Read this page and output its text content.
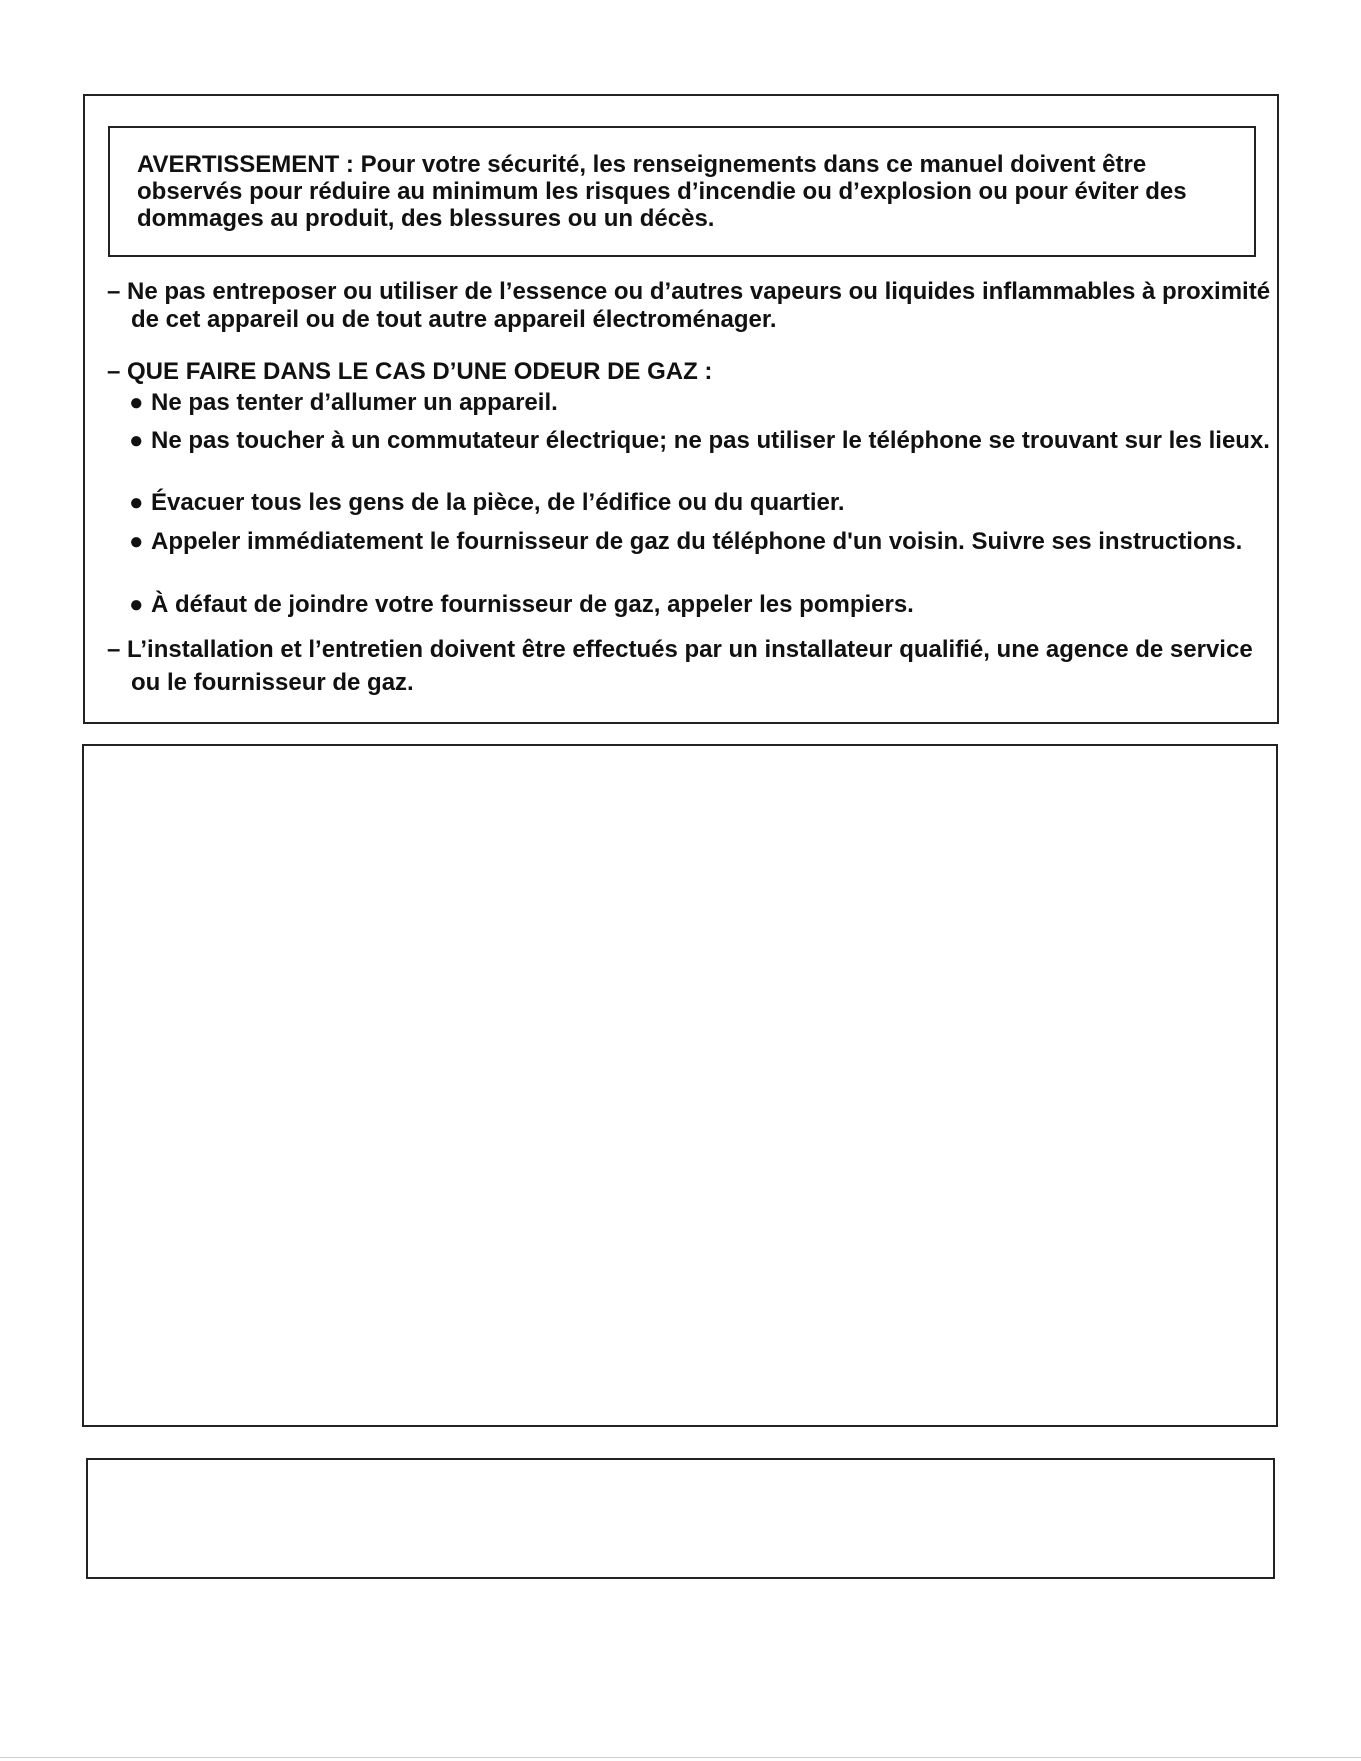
AVERTISSEMENT : Pour votre sécurité, les renseignements dans ce manuel doivent être observés pour réduire au minimum les risques d’incendie ou d’explosion ou pour éviter des dommages au produit, des blessures ou un décès.

– Ne pas entreposer ou utiliser de l’essence ou d’autres vapeurs ou liquides inflammables à proximité de cet appareil ou de tout autre appareil électroménager.

– QUE FAIRE DANS LE CAS D’UNE ODEUR DE GAZ :

● Ne pas tenter d’allumer un appareil.

● Ne pas toucher à un commutateur électrique; ne pas utiliser le téléphone se trouvant sur les lieux.

● Évacuer tous les gens de la pièce, de l’édifice ou du quartier.

● Appeler immédiatement le fournisseur de gaz du téléphone d'un voisin. Suivre ses instructions.

● À défaut de joindre votre fournisseur de gaz, appeler les pompiers.

– L’installation et l’entretien doivent être effectués par un installateur qualifié, une agence de service ou le fournisseur de gaz.
